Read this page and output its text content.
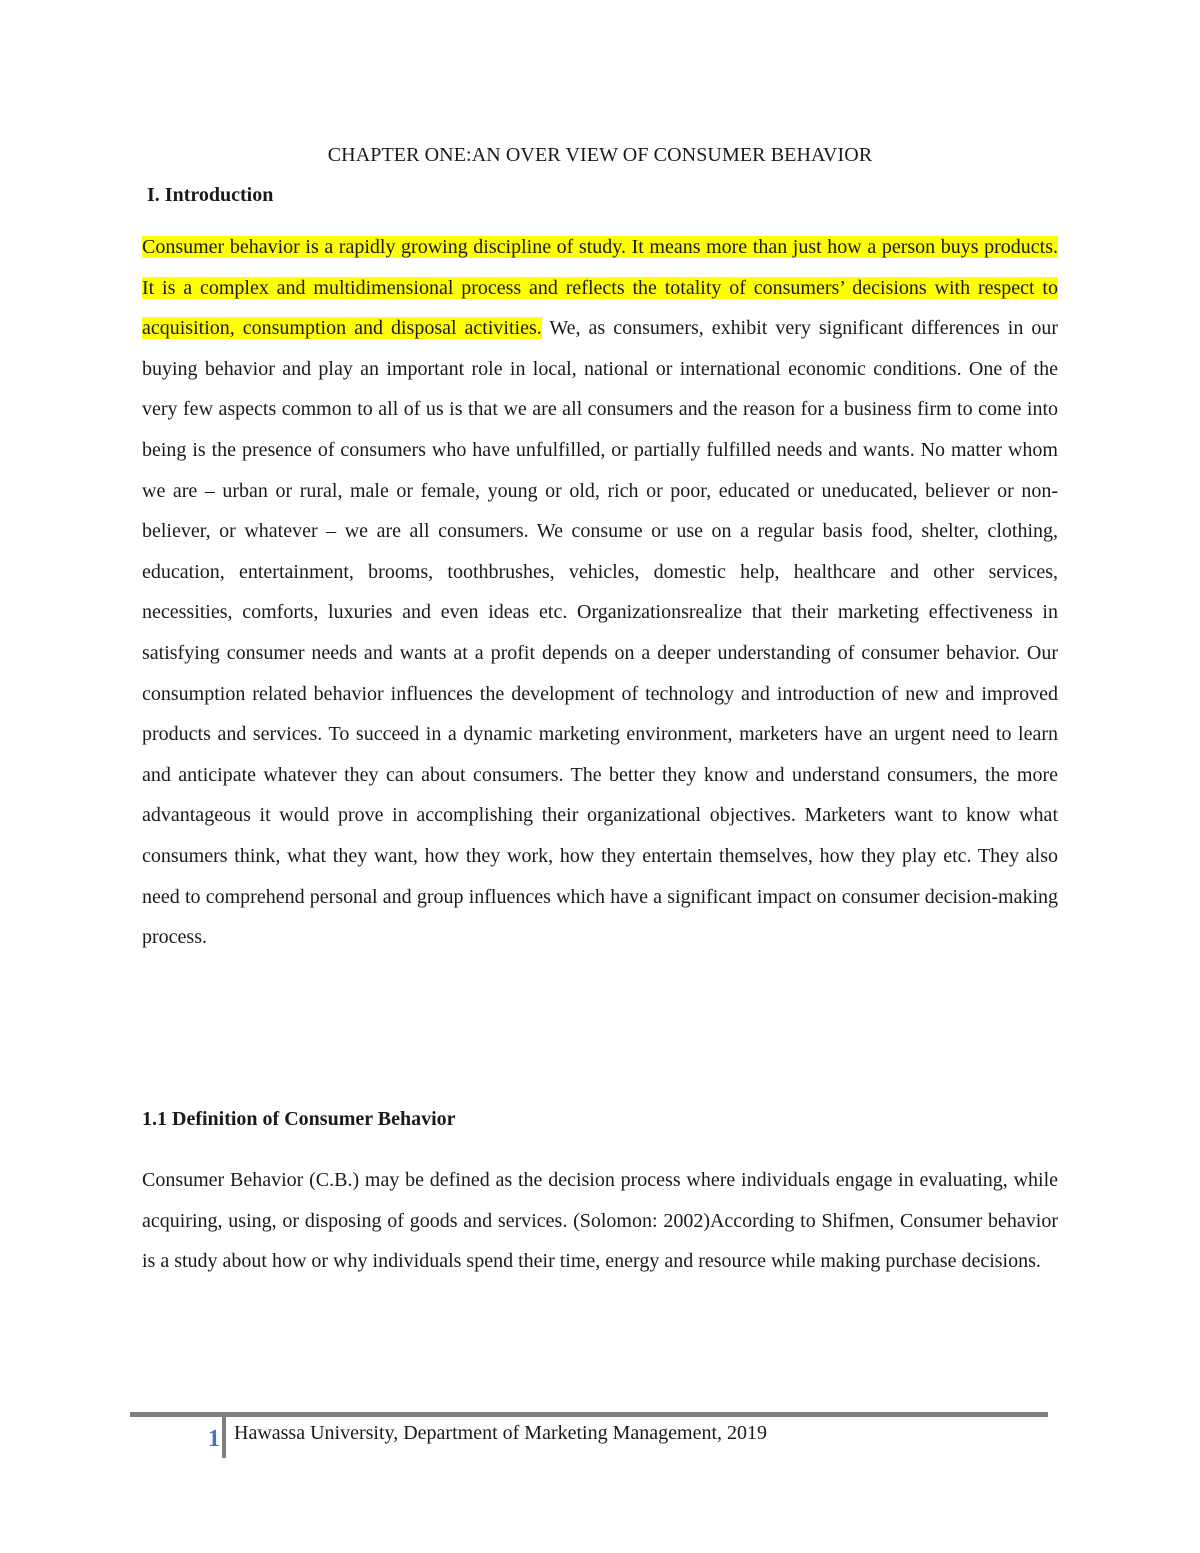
CHAPTER ONE:AN OVER VIEW OF CONSUMER BEHAVIOR
I. Introduction

Consumer behavior is a rapidly growing discipline of study. It means more than just how a person buys products. It is a complex and multidimensional process and reflects the totality of consumers’ decisions with respect to acquisition, consumption and disposal activities. We, as consumers, exhibit very significant differences in our buying behavior and play an important role in local, national or international economic conditions. One of the very few aspects common to all of us is that we are all consumers and the reason for a business firm to come into being is the presence of consumers who have unfulfilled, or partially fulfilled needs and wants. No matter whom we are – urban or rural, male or female, young or old, rich or poor, educated or uneducated, believer or non-believer, or whatever – we are all consumers. We consume or use on a regular basis food, shelter, clothing, education, entertainment, brooms, toothbrushes, vehicles, domestic help, healthcare and other services, necessities, comforts, luxuries and even ideas etc. Organizationsrealize that their marketing effectiveness in satisfying consumer needs and wants at a profit depends on a deeper understanding of consumer behavior. Our consumption related behavior influences the development of technology and introduction of new and improved products and services. To succeed in a dynamic marketing environment, marketers have an urgent need to learn and anticipate whatever they can about consumers. The better they know and understand consumers, the more advantageous it would prove in accomplishing their organizational objectives. Marketers want to know what consumers think, what they want, how they work, how they entertain themselves, how they play etc. They also need to comprehend personal and group influences which have a significant impact on consumer decision-making process.

1.1 Definition of Consumer Behavior

Consumer Behavior (C.B.) may be defined as the decision process where individuals engage in evaluating, while acquiring, using, or disposing of goods and services. (Solomon: 2002)According to Shifmen, Consumer behavior is a study about how or why individuals spend their time, energy and resource while making purchase decisions.

1 Hawassa University, Department of Marketing Management, 2019
